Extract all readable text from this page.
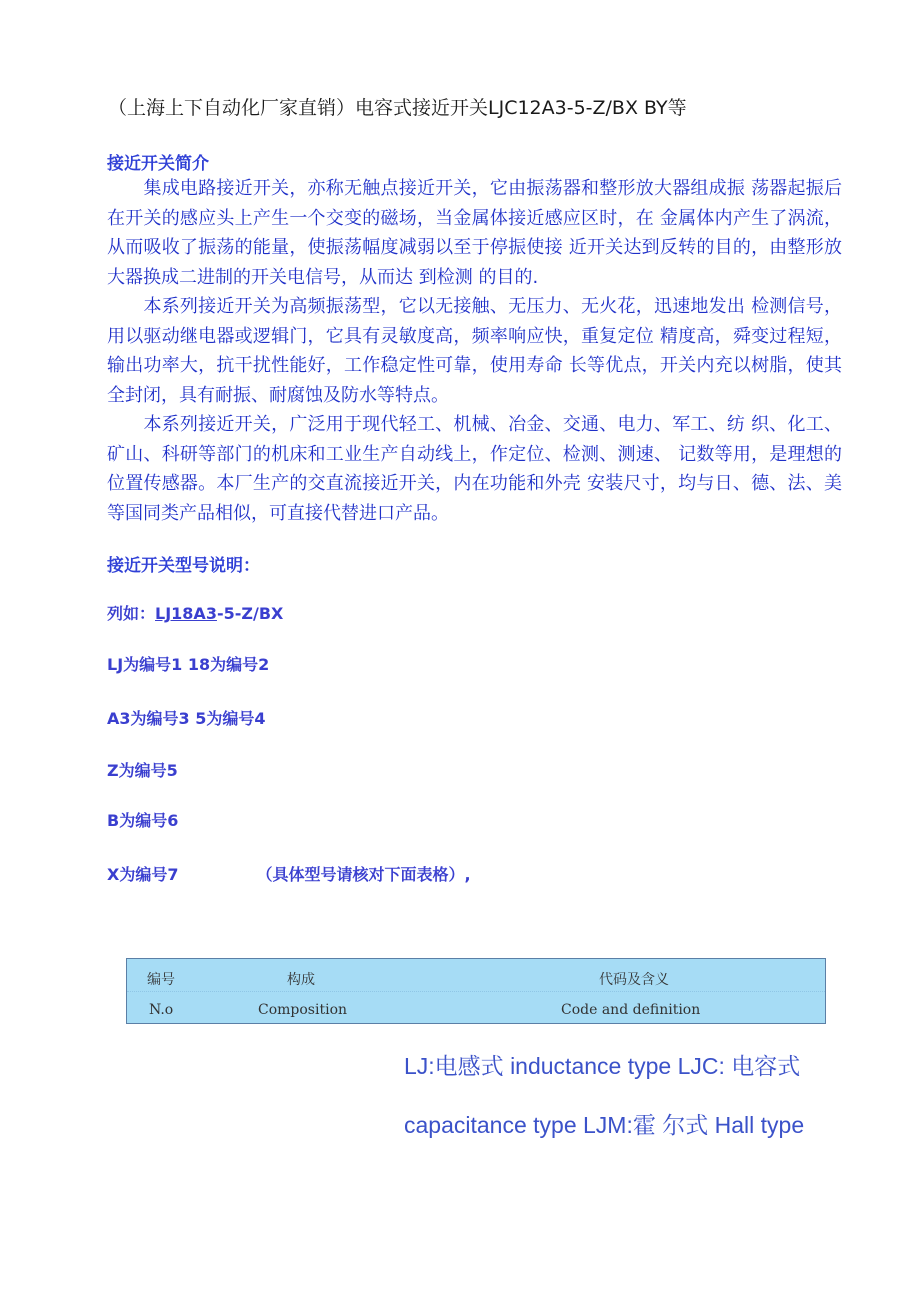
（上海上下自动化厂家直销）电容式接近开关LJC12A3-5-Z/BX BY等
接近开关简介

　　集成电路接近开关，亦称无触点接近开关，它由振荡器和整形放大器组成振 荡器起振后在开关的感应头上产生一个交变的磁场，当金属体接近感应区时，在 金属体内产生了涡流，从而吸收了振荡的能量，使振荡幅度减弱以至于停振使接 近开关达到反转的目的，由整形放大器换成二进制的开关电信号，从而达 到检测 的目的.

　　本系列接近开关为高频振荡型，它以无接触、无压力、无火花，迅速地发出 检测信号，用以驱动继电器或逻辑门，它具有灵敏度高，频率响应快，重复定位 精度高，舜变过程短，输出功率大，抗干扰性能好，工作稳定性可靠，使用寿命 长等优点，开关内充以树脂，使其全封闭，具有耐振、耐腐蚀及防水等特点。

　　本系列接近开关，广泛用于现代轻工、机械、冶金、交通、电力、军工、纺 织、化工、矿山、科研等部门的机床和工业生产自动线上，作定位、检测、测速、 记数等用，是理想的位置传感器。本厂生产的交直流接近开关，内在功能和外壳 安装尺寸，均与日、德、法、美等国同类产品相似，可直接代替进口产品。

接近开关型号说明：
列如：LJ18A3-5-Z/BX
LJ为编号1 18为编号2
A3为编号3 5为编号4
Z为编号5
B为编号6
X为编号7	（具体型号请核对下面表格）,
编号	构成	代码及含义
N.o	Composition	Code and definition
LJ:电感式 inductance type LJC: 电容式
capacitance type LJM:霍 尔式 Hall type
